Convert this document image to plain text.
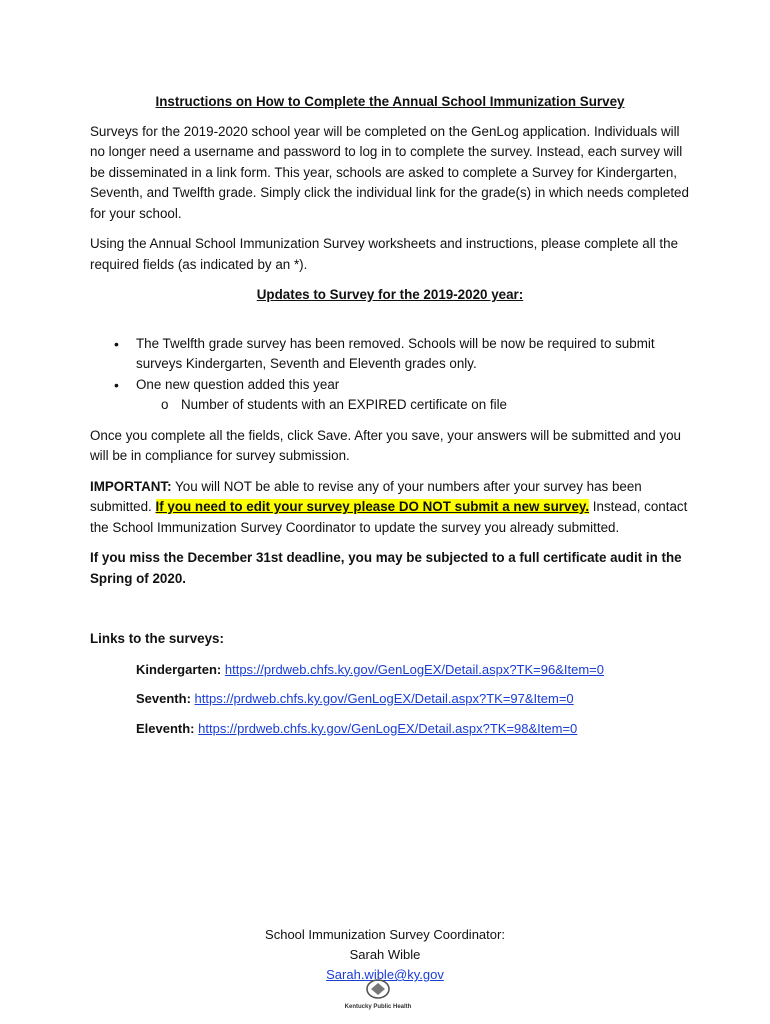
Instructions on How to Complete the Annual School Immunization Survey

Surveys for the 2019-2020 school year will be completed on the GenLog application. Individuals will no longer need a username and password to log in to complete the survey. Instead, each survey will be disseminated in a link form. This year, schools are asked to complete a Survey for Kindergarten, Seventh, and Twelfth grade. Simply click the individual link for the grade(s) in which needs completed for your school.

Using the Annual School Immunization Survey worksheets and instructions, please complete all the required fields (as indicated by an *).

Updates to Survey for the 2019-2020 year:
• The Twelfth grade survey has been removed. Schools will be now be required to submit surveys Kindergarten, Seventh and Eleventh grades only.
• One new question added this year
o Number of students with an EXPIRED certificate on file

Once you complete all the fields, click Save. After you save, your answers will be submitted and you will be in compliance for survey submission.

IMPORTANT: You will NOT be able to revise any of your numbers after your survey has been submitted. If you need to edit your survey please DO NOT submit a new survey. Instead, contact the School Immunization Survey Coordinator to update the survey you already submitted.

If you miss the December 31st deadline, you may be subjected to a full certificate audit in the Spring of 2020.

Links to the surveys:
Kindergarten: https://prdweb.chfs.ky.gov/GenLogEX/Detail.aspx?TK=96&Item=0
Seventh: https://prdweb.chfs.ky.gov/GenLogEX/Detail.aspx?TK=97&Item=0
Eleventh: https://prdweb.chfs.ky.gov/GenLogEX/Detail.aspx?TK=98&Item=0
School Immunization Survey Coordinator:
Sarah Wible
Sarah.wible@ky.gov
Kentucky Public Health
